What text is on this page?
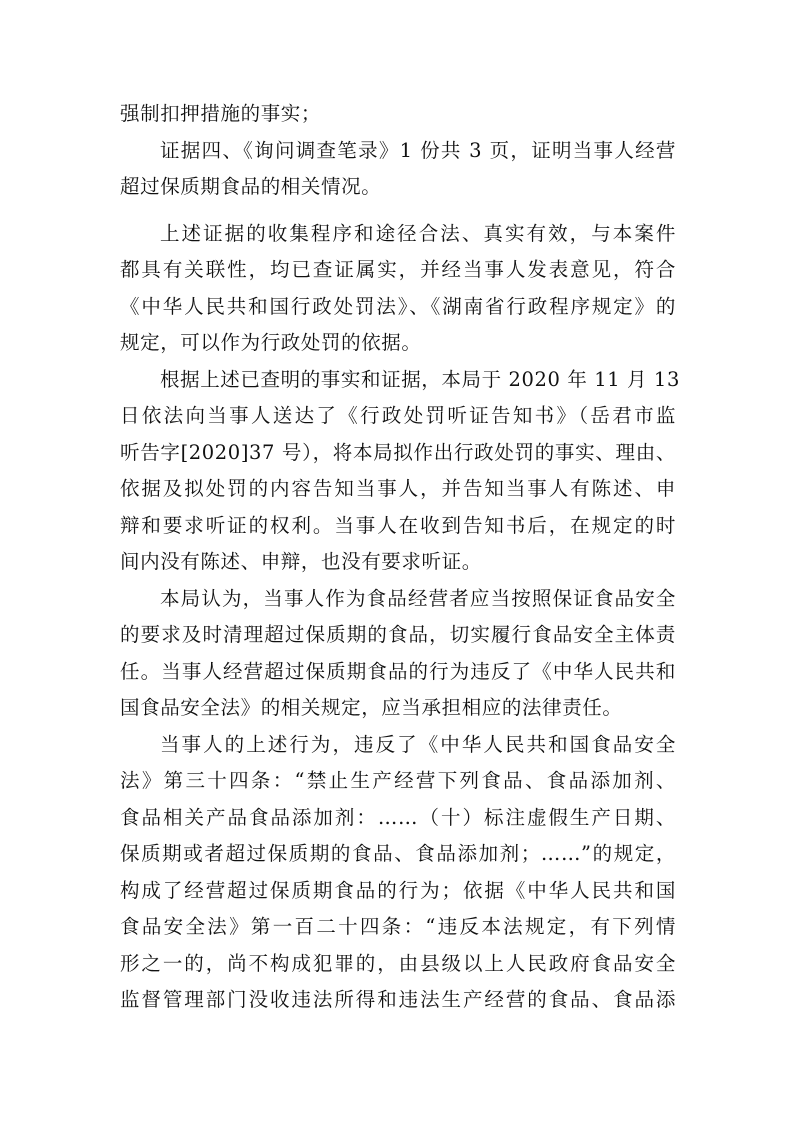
强制扣押措施的事实；
证据四、《询问调查笔录》1 份共 3 页，证明当事人经营
超过保质期食品的相关情况。
上述证据的收集程序和途径合法、真实有效，与本案件
都具有关联性，均已查证属实，并经当事人发表意见，符合
《中华人民共和国行政处罚法》、《湖南省行政程序规定》的
规定，可以作为行政处罚的依据。
根据上述已查明的事实和证据，本局于 2020 年 11 月 13
日依法向当事人送达了《行政处罚听证告知书》（岳君市监
听告字[2020]37 号），将本局拟作出行政处罚的事实、理由、
依据及拟处罚的内容告知当事人，并告知当事人有陈述、申
辩和要求听证的权利。当事人在收到告知书后，在规定的时
间内没有陈述、申辩，也没有要求听证。
本局认为，当事人作为食品经营者应当按照保证食品安全
的要求及时清理超过保质期的食品，切实履行食品安全主体责
任。当事人经营超过保质期食品的行为违反了《中华人民共和
国食品安全法》的相关规定，应当承担相应的法律责任。
当事人的上述行为，违反了《中华人民共和国食品安全
法》第三十四条：“禁止生产经营下列食品、食品添加剂、
食品相关产品食品添加剂：……（十）标注虚假生产日期、
保质期或者超过保质期的食品、食品添加剂；……”的规定，
构成了经营超过保质期食品的行为；依据《中华人民共和国
食品安全法》第一百二十四条：“违反本法规定，有下列情
形之一的，尚不构成犯罪的，由县级以上人民政府食品安全
监督管理部门没收违法所得和违法生产经营的食品、食品添
